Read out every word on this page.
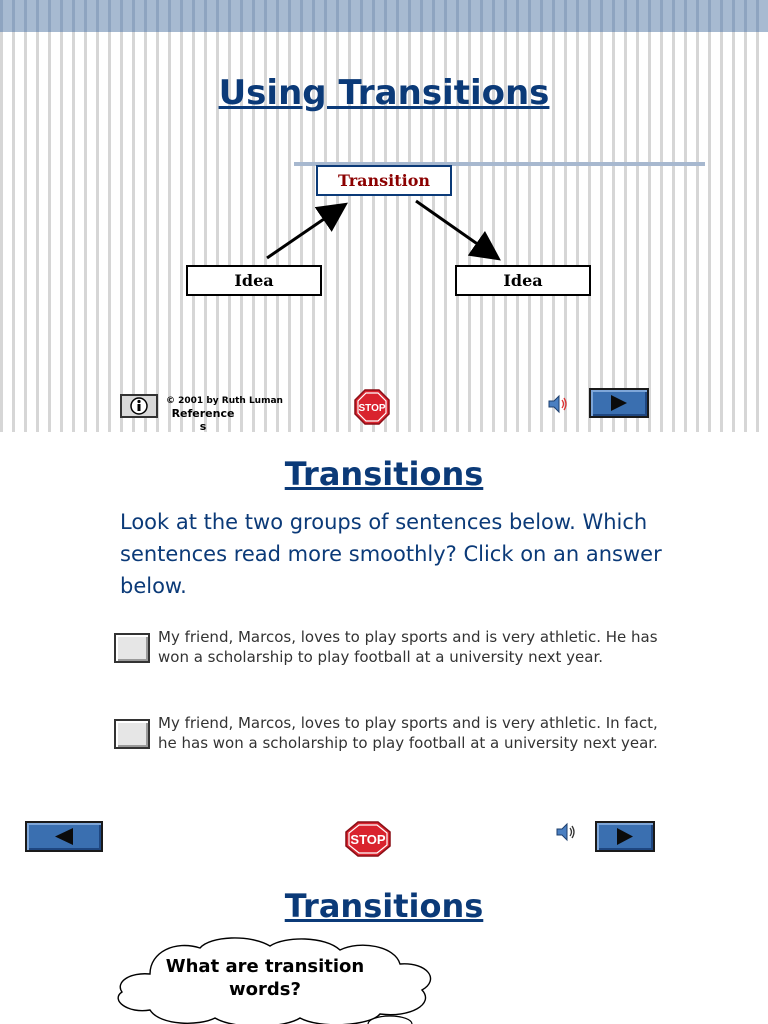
Using Transitions
Transition
Idea	Idea
© 2001 by Ruth Luman
Reference
s
STOP
Transitions
Look at the two groups of sentences below. Which sentences read more smoothly? Click on an answer below.
My friend, Marcos, loves to play sports and is very athletic. He has won a scholarship to play football at a university next year.
My friend, Marcos, loves to play sports and is very athletic. In fact, he has won a scholarship to play football at a university next year.
STOP
Transitions
What are transition words?
